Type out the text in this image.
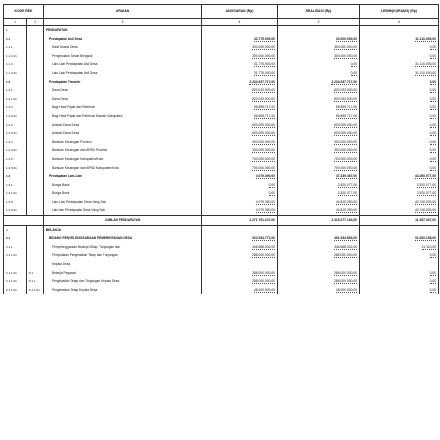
KODE REK		URAIAN	ANGGARAN (Rp)	REALISASI (Rp)	LEBIH/(KURANG) (Rp)
1	2	3	4	5	6
1		PENDAPATAN			
1.1		Pendapatan Asli Desa	32.775.000,00	33.000.000,00	11.110.000,00
1.1.1		Hasil Usaha Desa	300.000.000,00	300.000.000,00	0,00
1.1.1.01		Pengelolaan Tanah Bengkok	300.000.000,00	300.000.000,00	0,00
1.1.4		Lain-Lain Pendapatan Asli Desa	31.775.000,00	0,00	31.110.000,00
1.1.4.01		Lain-Lain Pendapatan Asli Desa	31.775.000,00	0,00	31.110.000,00
1.2		Pendapatan Transfer	2.234.937.717,00	2.234.937.717,00	0,00
1.2.1		Dana Desa	820.033.000,00	820.033.000,00	0,00
1.2.1.01		Dana Desa	820.033.000,00	820.033.000,00	0,00
1.2.2		Bagi Hasil Pajak dan Retribusi	56.895.717,00	56.895.717,00	0,00
1.2.2.01		Bagi Hasil Pajak dan Retribusi Daerah Kabupaten	56.895.717,00	56.895.717,00	0,00
1.2.3		Alokasi Dana Desa	603.009.000,00	603.009.000,00	0,00
1.2.3.01		Alokasi Dana Desa	603.009.000,00	603.009.000,00	0,00
1.2.4		Bantuan Keuangan Provinsi	300.000.000,00	300.000.000,00	0,00
1.2.4.01		Bantuan Keuangan dari APBD Provinsi	300.000.000,00	300.000.000,00	0,00
1.2.5		Bantuan Keuangan Kabupaten/Kota	700.000.000,00	700.000.000,00	0,00
1.2.5.01		Bantuan Keuangan dari APBD Kabupaten/Kota	700.000.000,00	700.000.000,00	0,00
1.3		Pendapatan Lain-Lain	4.079.390,00	47.339.467,00	43.260.077,00
1.3.1		Bunga Bank	0,00	2.520.077,00	2.520.077,00
1.3.1.01		Bunga Bank	0,00	2.520.077,00	2.520.077,00
1.3.9		Lain-Lain Pendapatan Desa Yang Sah	4.079.390,00	44.819.390,00	40.740.000,00
1.3.9.01		Lain-lain Pendapatan Desa Yang Sah	4.079.390,00	44.819.390,00	40.740.000,00
		JUMLAH PENDAPATAN	2.271.791.107,00	2.315.277.184,00	11.357.407,00
2		BELANJA			
2.1		BIDANG PENYELENGGARAAN PEMERINTAHAN DESA	522.934.771,00	491.934.663,00	31.000.108,00
2.1.1		Penyelenggaraan Belanja Siltap, Tunjangan dan	346.668.032,00	346.668.032,00	21.110,00
2.1.1.01		Penyediaan Penghasilan Tetap dan Tunjangan	288.000.000,00	288.000.000,00	0,00
		Kepala Desa			
2.1.1.01	5.1	Belanja Pegawai	288.000.000,00	288.000.000,00	0,00
2.1.1.01	5.1.1	Penghasilan Tetap dan Tunjangan Kepala Desa	288.000.000,00	288.000.000,00	0,00
2.1.1.01	5.1.1.01	Penghasilan Tetap Kepala Desa	48.000.000,00	48.000.000,00	0,00
